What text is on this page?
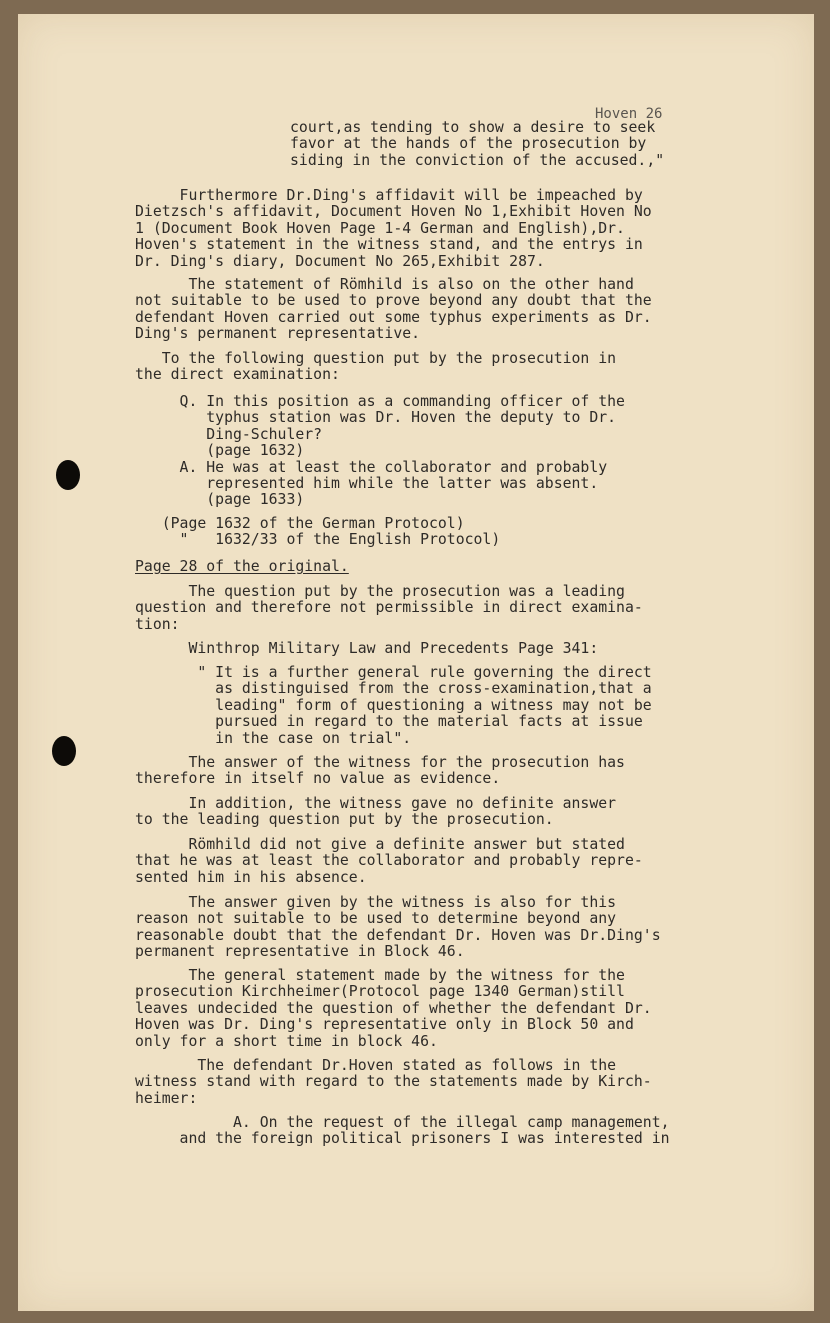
Hoven 26
court,as tending to show a desire to seek
favor at the hands of the prosecution by
siding in the conviction of the accused.,"
Furthermore Dr.Ding's affidavit will be impeached by
Dietzsch's affidavit, Document Hoven No 1,Exhibit Hoven No
1 (Document Book Hoven Page 1-4 German and English),Dr.
Hoven's statement in the witness stand, and the entrys in
Dr. Ding's diary, Document No 265,Exhibit 287.
The statement of Römhild is also on the other hand
not suitable to be used to prove beyond any doubt that the
defendant Hoven carried out some typhus experiments as Dr.
Ding's permanent representative.
To the following question put by the prosecution in
the direct examination:
Q. In this position as a commanding officer of the
typhus station was Dr. Hoven the deputy to Dr.
Ding-Schuler?
(page 1632)
A. He was at least the collaborator and probably
represented him while the latter was absent.
(page 1633)
(Page 1632 of the German Protocol)
"   1632/33 of the English Protocol)
Page 28 of the original.
The question put by the prosecution was a leading
question and therefore not permissible in direct examina-
tion:
Winthrop Military Law and Precedents Page 341:
" It is a further general rule governing the direct
as distinguised from the cross-examination,that a
leading" form of questioning a witness may not be
pursued in regard to the material facts at issue
in the case on trial".
The answer of the witness for the prosecution has
therefore in itself no value as evidence.
In addition, the witness gave no definite answer
to the leading question put by the prosecution.
Römhild did not give a definite answer but stated
that he was at least the collaborator and probably repre-
sented him in his absence.
The answer given by the witness is also for this
reason not suitable to be used to determine beyond any
reasonable doubt that the defendant Dr. Hoven was Dr.Ding's
permanent representative in Block 46.
The general statement made by the witness for the
prosecution Kirchheimer(Protocol page 1340 German)still
leaves undecided the question of whether the defendant Dr.
Hoven was Dr. Ding's representative only in Block 50 and
only for a short time in block 46.
The defendant Dr.Hoven stated as follows in the
witness stand with regard to the statements made by Kirch-
heimer:
A. On the request of the illegal camp management,
and the foreign political prisoners I was interested in
